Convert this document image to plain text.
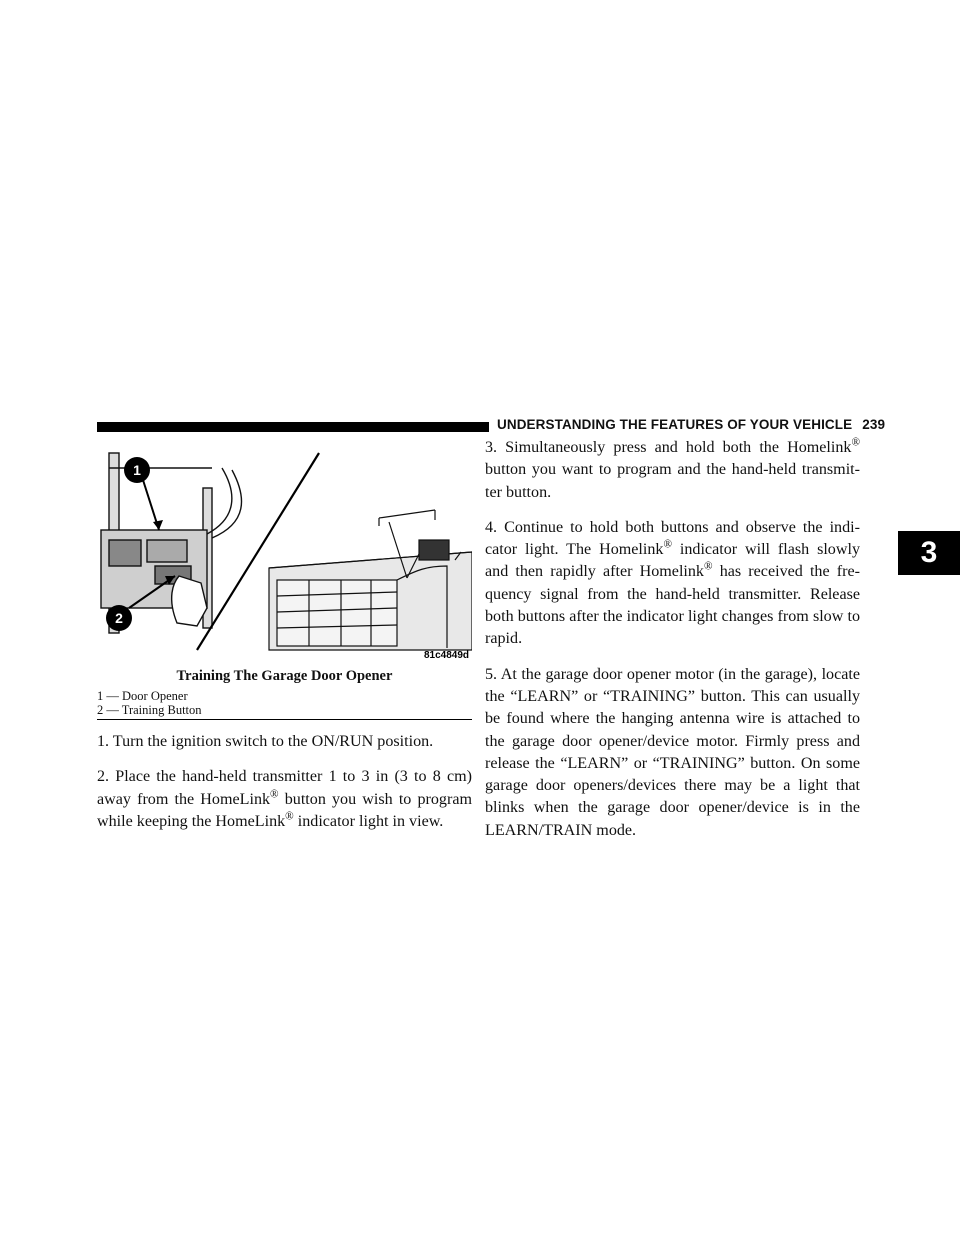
UNDERSTANDING THE FEATURES OF YOUR VEHICLE 239
3
1
2
81c4849d
Training The Garage Door Opener
1 — Door Opener
2 — Training Button

1. Turn the ignition switch to the ON/RUN position.

2. Place the hand-held transmitter 1 to 3 in (3 to 8 cm) away from the HomeLink® button you wish to program while keeping the HomeLink® indicator light in view.

3. Simultaneously press and hold both the Homelink® button you want to program and the hand-held transmit-ter button.

4. Continue to hold both buttons and observe the indi-cator light. The Homelink® indicator will flash slowly and then rapidly after Homelink® has received the fre-quency signal from the hand-held transmitter. Release both buttons after the indicator light changes from slow to rapid.

5. At the garage door opener motor (in the garage), locate the “LEARN” or “TRAINING” button. This can usually be found where the hanging antenna wire is attached to the garage door opener/device motor. Firmly press and release the “LEARN” or “TRAINING” button. On some garage door openers/devices there may be a light that blinks when the garage door opener/device is in the LEARN/TRAIN mode.
